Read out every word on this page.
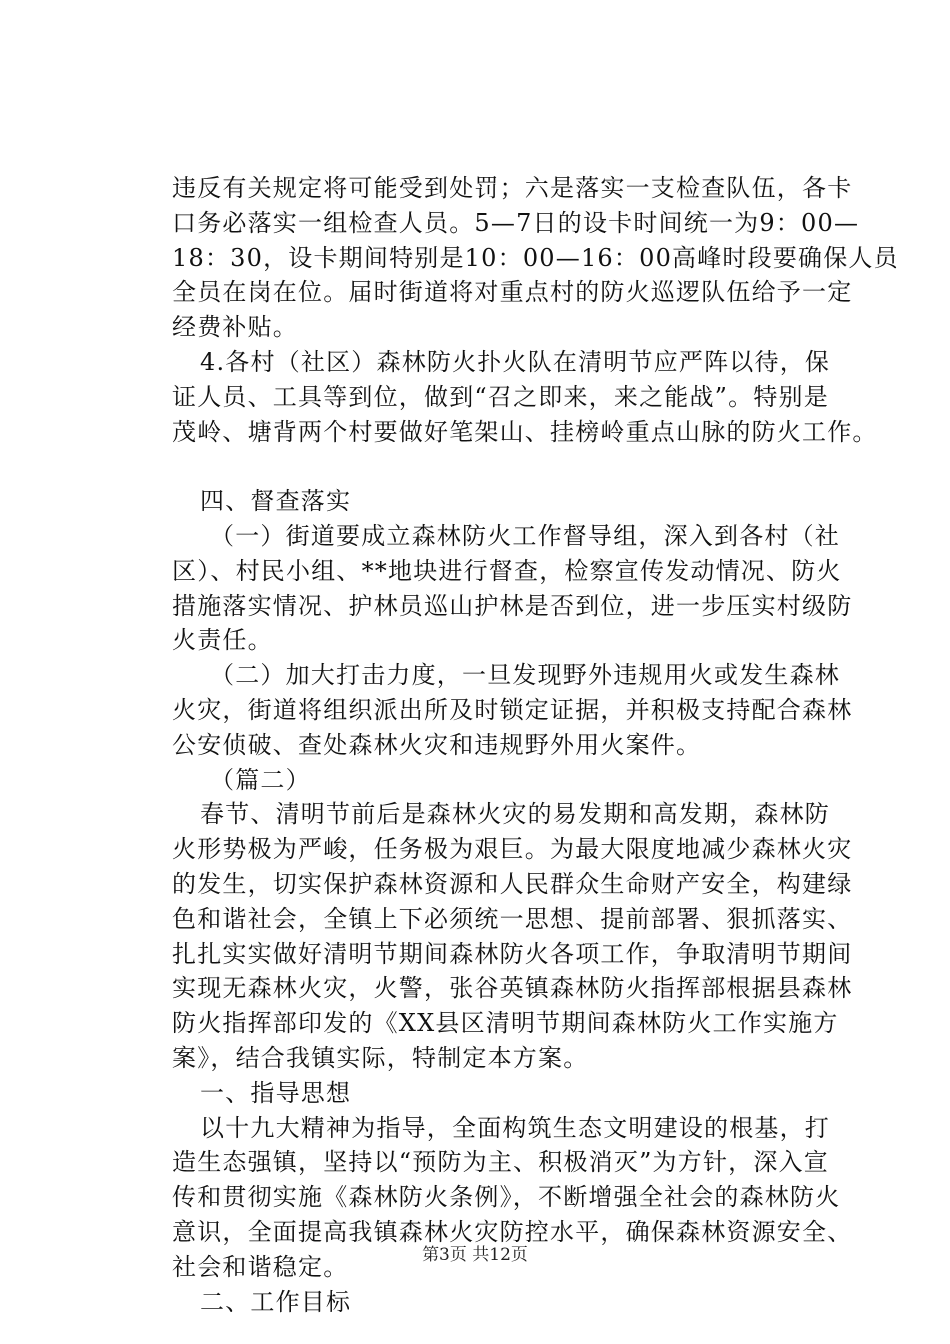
违反有关规定将可能受到处罚；六是落实一支检查队伍，各卡
口务必落实一组检查人员。5—7日的设卡时间统一为9：00—
18：30，设卡期间特别是10：00—16：00高峰时段要确保人员
全员在岗在位。届时街道将对重点村的防火巡逻队伍给予一定
经费补贴。
4.各村（社区）森林防火扑火队在清明节应严阵以待，保
证人员、工具等到位，做到“召之即来，来之能战”。特别是
茂岭、塘背两个村要做好笔架山、挂榜岭重点山脉的防火工作。
四、督查落实
（一）街道要成立森林防火工作督导组，深入到各村（社
区）、村民小组、**地块进行督查，检察宣传发动情况、防火
措施落实情况、护林员巡山护林是否到位，进一步压实村级防
火责任。
（二）加大打击力度，一旦发现野外违规用火或发生森林
火灾，街道将组织派出所及时锁定证据，并积极支持配合森林
公安侦破、查处森林火灾和违规野外用火案件。
（篇二）
春节、清明节前后是森林火灾的易发期和高发期，森林防
火形势极为严峻，任务极为艰巨。为最大限度地减少森林火灾
的发生，切实保护森林资源和人民群众生命财产安全，构建绿
色和谐社会，全镇上下必须统一思想、提前部署、狠抓落实、
扎扎实实做好清明节期间森林防火各项工作，争取清明节期间
实现无森林火灾，火警，张谷英镇森林防火指挥部根据县森林
防火指挥部印发的《XX县区清明节期间森林防火工作实施方
案》，结合我镇实际，特制定本方案。
一、指导思想
以十九大精神为指导，全面构筑生态文明建设的根基，打
造生态强镇，坚持以“预防为主、积极消灭”为方针，深入宣
传和贯彻实施《森林防火条例》，不断增强全社会的森林防火
意识，全面提高我镇森林火灾防控水平，确保森林资源安全、
社会和谐稳定。
二、工作目标
第3页 共12页
